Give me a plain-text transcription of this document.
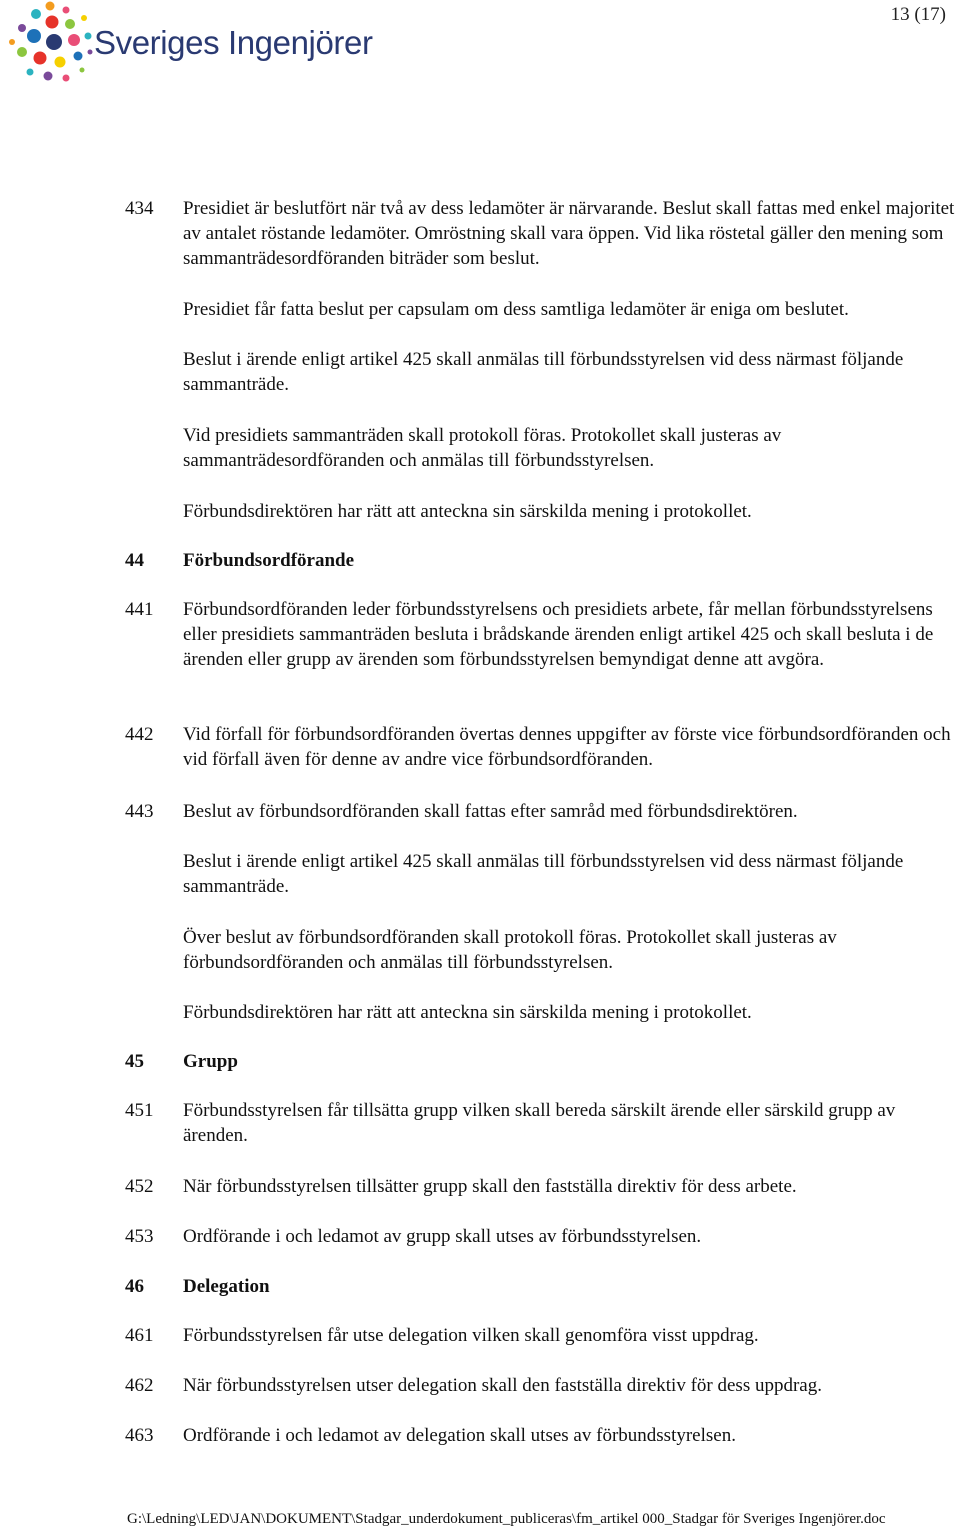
Sveriges Ingenjörer
13 (17)
434 Presidiet är beslutfört när två av dess ledamöter är närvarande. Beslut skall fattas med enkel majoritet av antalet röstande ledamöter. Omröstning skall vara öppen. Vid lika röstetal gäller den mening som sammanträdesordföranden biträder som beslut.
Presidiet får fatta beslut per capsulam om dess samtliga ledamöter är eniga om beslutet.
Beslut i ärende enligt artikel 425 skall anmälas till förbundsstyrelsen vid dess närmast följande sammanträde.
Vid presidiets sammanträden skall protokoll föras. Protokollet skall justeras av sammanträdesordföranden och anmälas till förbundsstyrelsen.
Förbundsdirektören har rätt att anteckna sin särskilda mening i protokollet.
44 Förbundsordförande
441 Förbundsordföranden leder förbundsstyrelsens och presidiets arbete, får mellan förbundsstyrelsens eller presidiets sammanträden besluta i brådskande ärenden enligt artikel 425 och skall besluta i de ärenden eller grupp av ärenden som förbundsstyrelsen bemyndigat denne att avgöra.
442 Vid förfall för förbundsordföranden övertas dennes uppgifter av förste vice förbundsordföranden och vid förfall även för denne av andre vice förbundsordföranden.
443 Beslut av förbundsordföranden skall fattas efter samråd med förbundsdirektören.
Beslut i ärende enligt artikel 425 skall anmälas till förbundsstyrelsen vid dess närmast följande sammanträde.
Över beslut av förbundsordföranden skall protokoll föras. Protokollet skall justeras av förbundsordföranden och anmälas till förbundsstyrelsen.
Förbundsdirektören har rätt att anteckna sin särskilda mening i protokollet.
45 Grupp
451 Förbundsstyrelsen får tillsätta grupp vilken skall bereda särskilt ärende eller särskild grupp av ärenden.
452 När förbundsstyrelsen tillsätter grupp skall den fastställa direktiv för dess arbete.
453 Ordförande i och ledamot av grupp skall utses av förbundsstyrelsen.
46 Delegation
461 Förbundsstyrelsen får utse delegation vilken skall genomföra visst uppdrag.
462 När förbundsstyrelsen utser delegation skall den fastställa direktiv för dess uppdrag.
463 Ordförande i och ledamot av delegation skall utses av förbundsstyrelsen.
G:\Ledning\LED\JAN\DOKUMENT\Stadgar_underdokument_publiceras\fm_artikel 000_Stadgar för Sveriges Ingenjörer.doc
